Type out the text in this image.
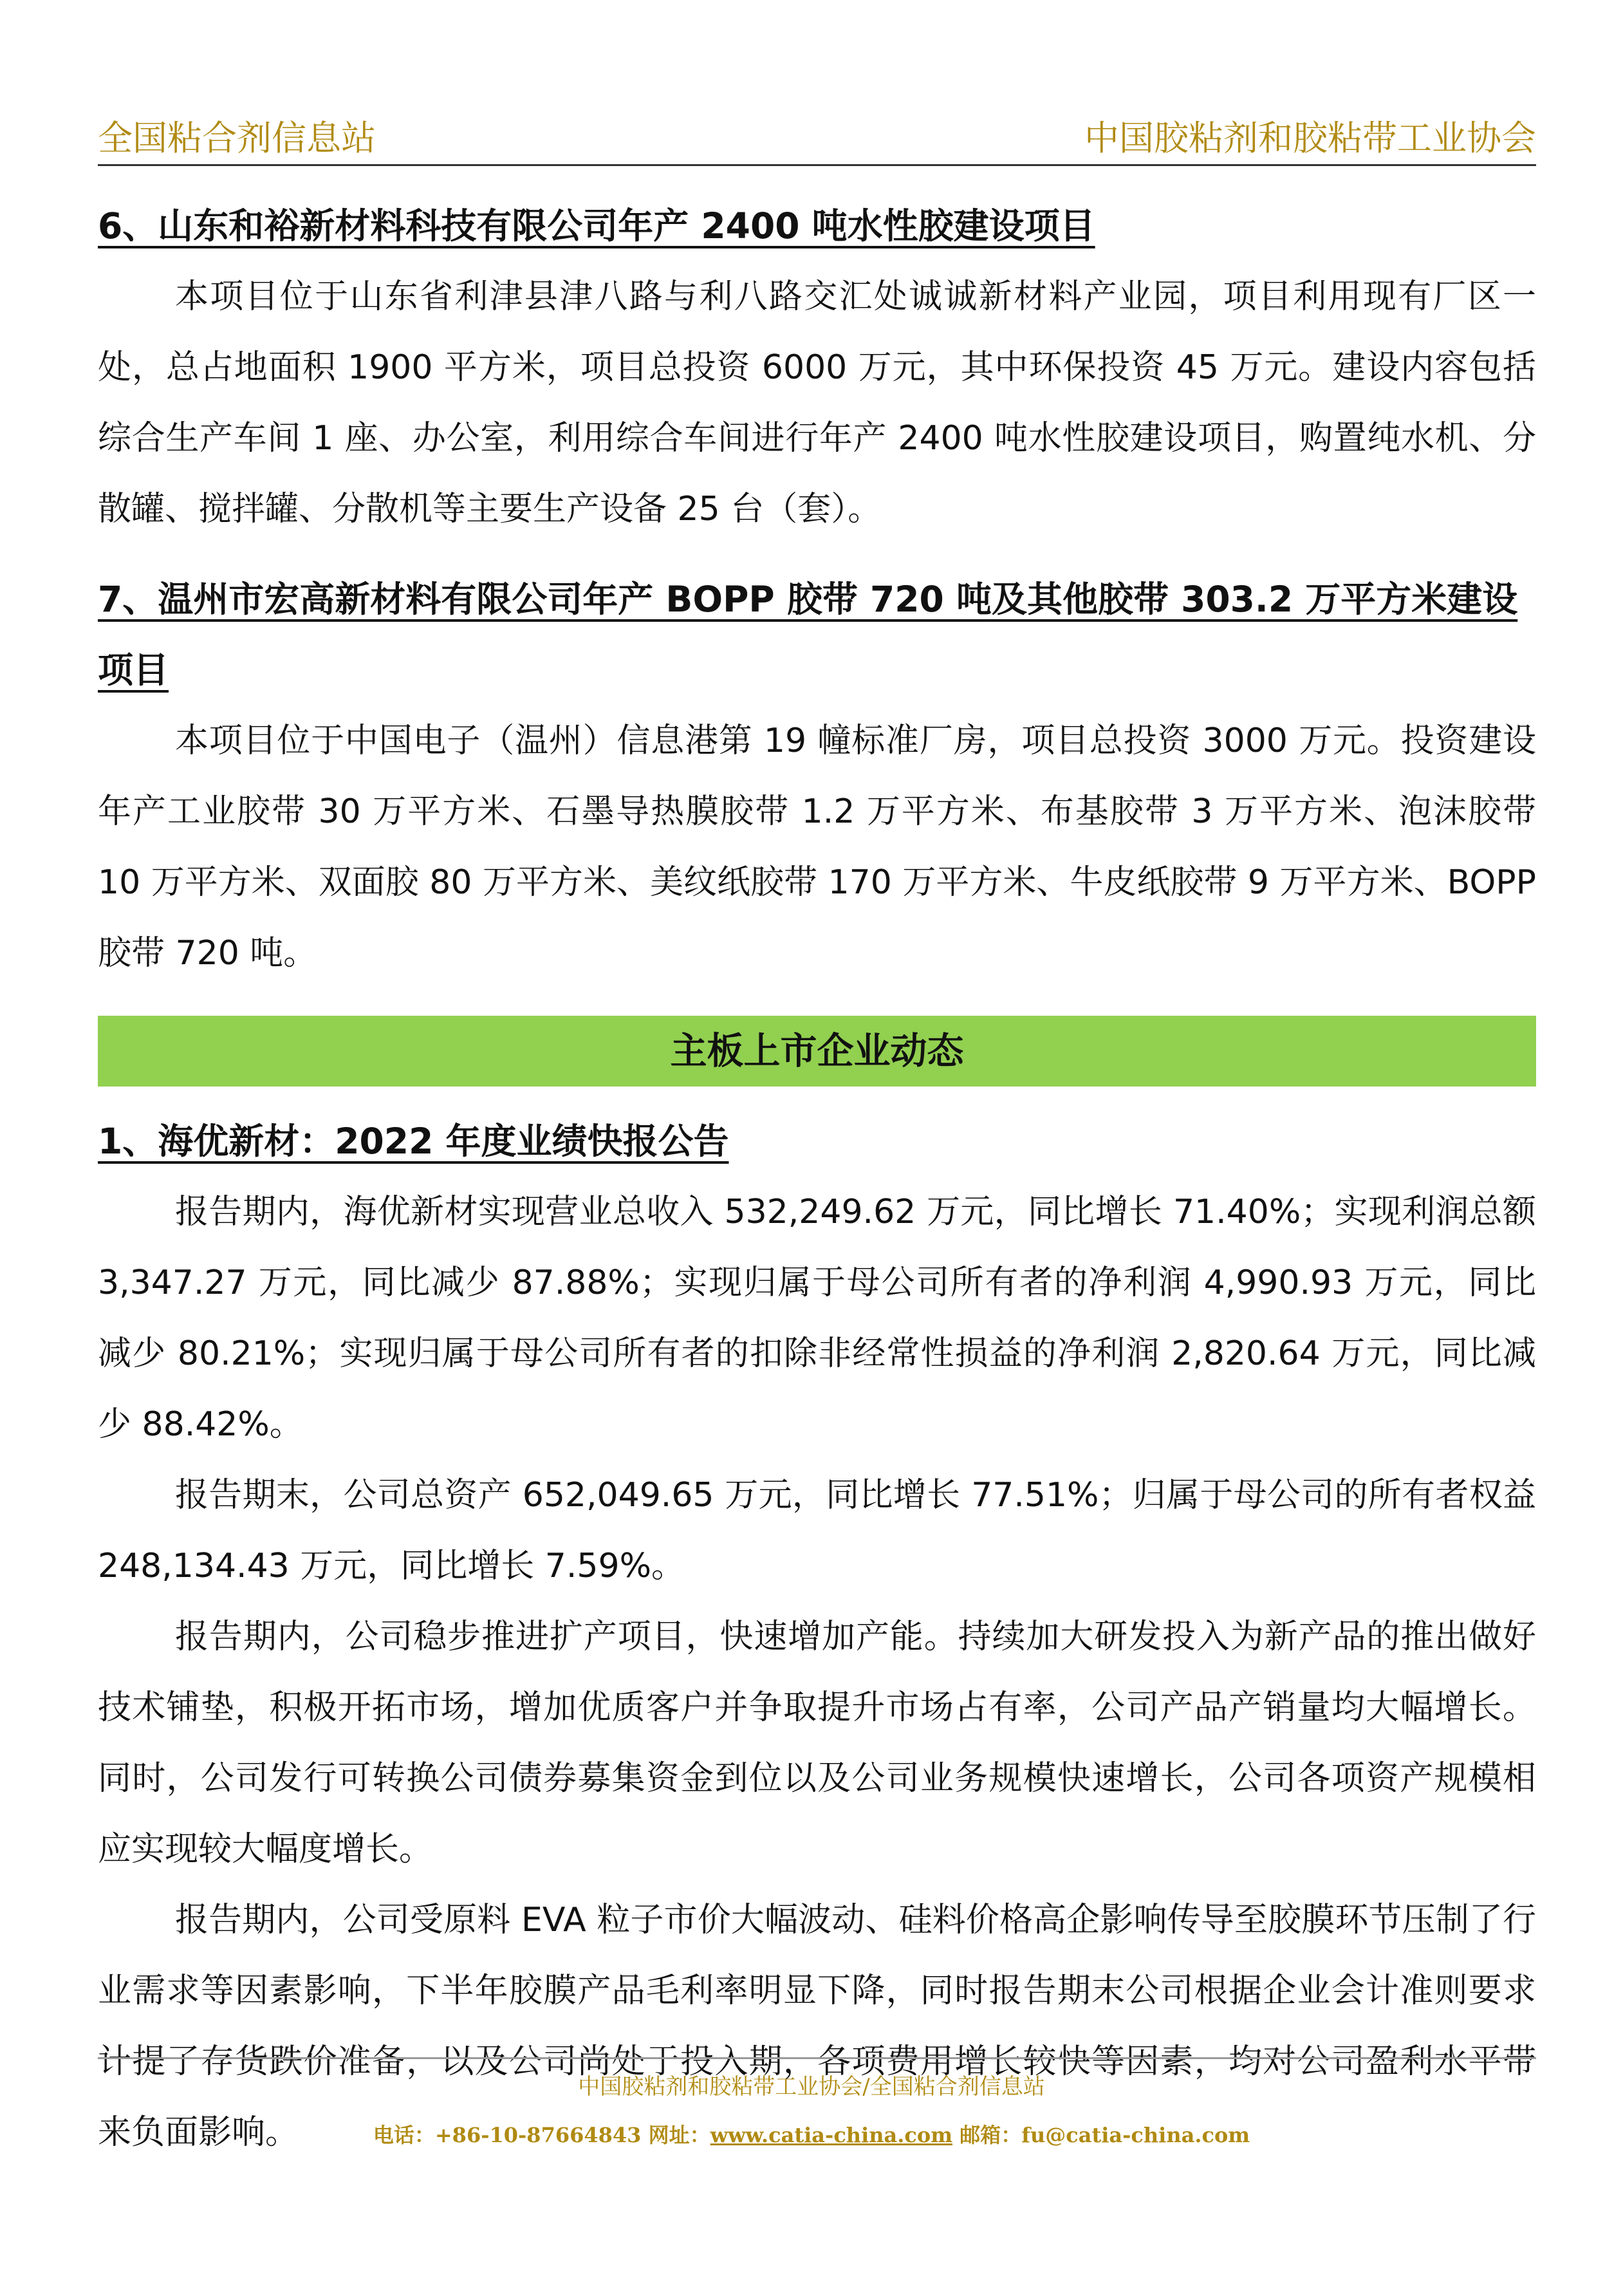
全国粘合剂信息站	中国胶粘剂和胶粘带工业协会

6、山东和裕新材料科技有限公司年产 2400 吨水性胶建设项目

本项目位于山东省利津县津八路与利八路交汇处诚诚新材料产业园，项目利用现有厂区一处，总占地面积 1900 平方米，项目总投资 6000 万元，其中环保投资 45 万元。建设内容包括综合生产车间 1 座、办公室，利用综合车间进行年产 2400 吨水性胶建设项目，购置纯水机、分散罐、搅拌罐、分散机等主要生产设备 25 台（套）。

7、温州市宏高新材料有限公司年产 BOPP 胶带 720 吨及其他胶带 303.2 万平方米建设项目

本项目位于中国电子（温州）信息港第 19 幢标准厂房，项目总投资 3000 万元。投资建设年产工业胶带 30 万平方米、石墨导热膜胶带 1.2 万平方米、布基胶带 3 万平方米、泡沫胶带 10 万平方米、双面胶 80 万平方米、美纹纸胶带 170 万平方米、牛皮纸胶带 9 万平方米、BOPP 胶带 720 吨。

主板上市企业动态

1、海优新材：2022 年度业绩快报公告

报告期内，海优新材实现营业总收入 532,249.62 万元，同比增长 71.40%；实现利润总额 3,347.27 万元，同比减少 87.88%；实现归属于母公司所有者的净利润 4,990.93 万元，同比减少 80.21%；实现归属于母公司所有者的扣除非经常性损益的净利润 2,820.64 万元，同比减少 88.42%。

报告期末，公司总资产 652,049.65 万元，同比增长 77.51%；归属于母公司的所有者权益 248,134.43 万元，同比增长 7.59%。

报告期内，公司稳步推进扩产项目，快速增加产能。持续加大研发投入为新产品的推出做好技术铺垫，积极开拓市场，增加优质客户并争取提升市场占有率，公司产品产销量均大幅增长。同时，公司发行可转换公司债券募集资金到位以及公司业务规模快速增长，公司各项资产规模相应实现较大幅度增长。

报告期内，公司受原料 EVA 粒子市价大幅波动、硅料价格高企影响传导至胶膜环节压制了行业需求等因素影响，下半年胶膜产品毛利率明显下降，同时报告期末公司根据企业会计准则要求计提了存货跌价准备，以及公司尚处于投入期，各项费用增长较快等因素，均对公司盈利水平带来负面影响。

中国胶粘剂和胶粘带工业协会/全国粘合剂信息站
电话：+86-10-87664843 网址：www.catia-china.com 邮箱：fu@catia-china.com
